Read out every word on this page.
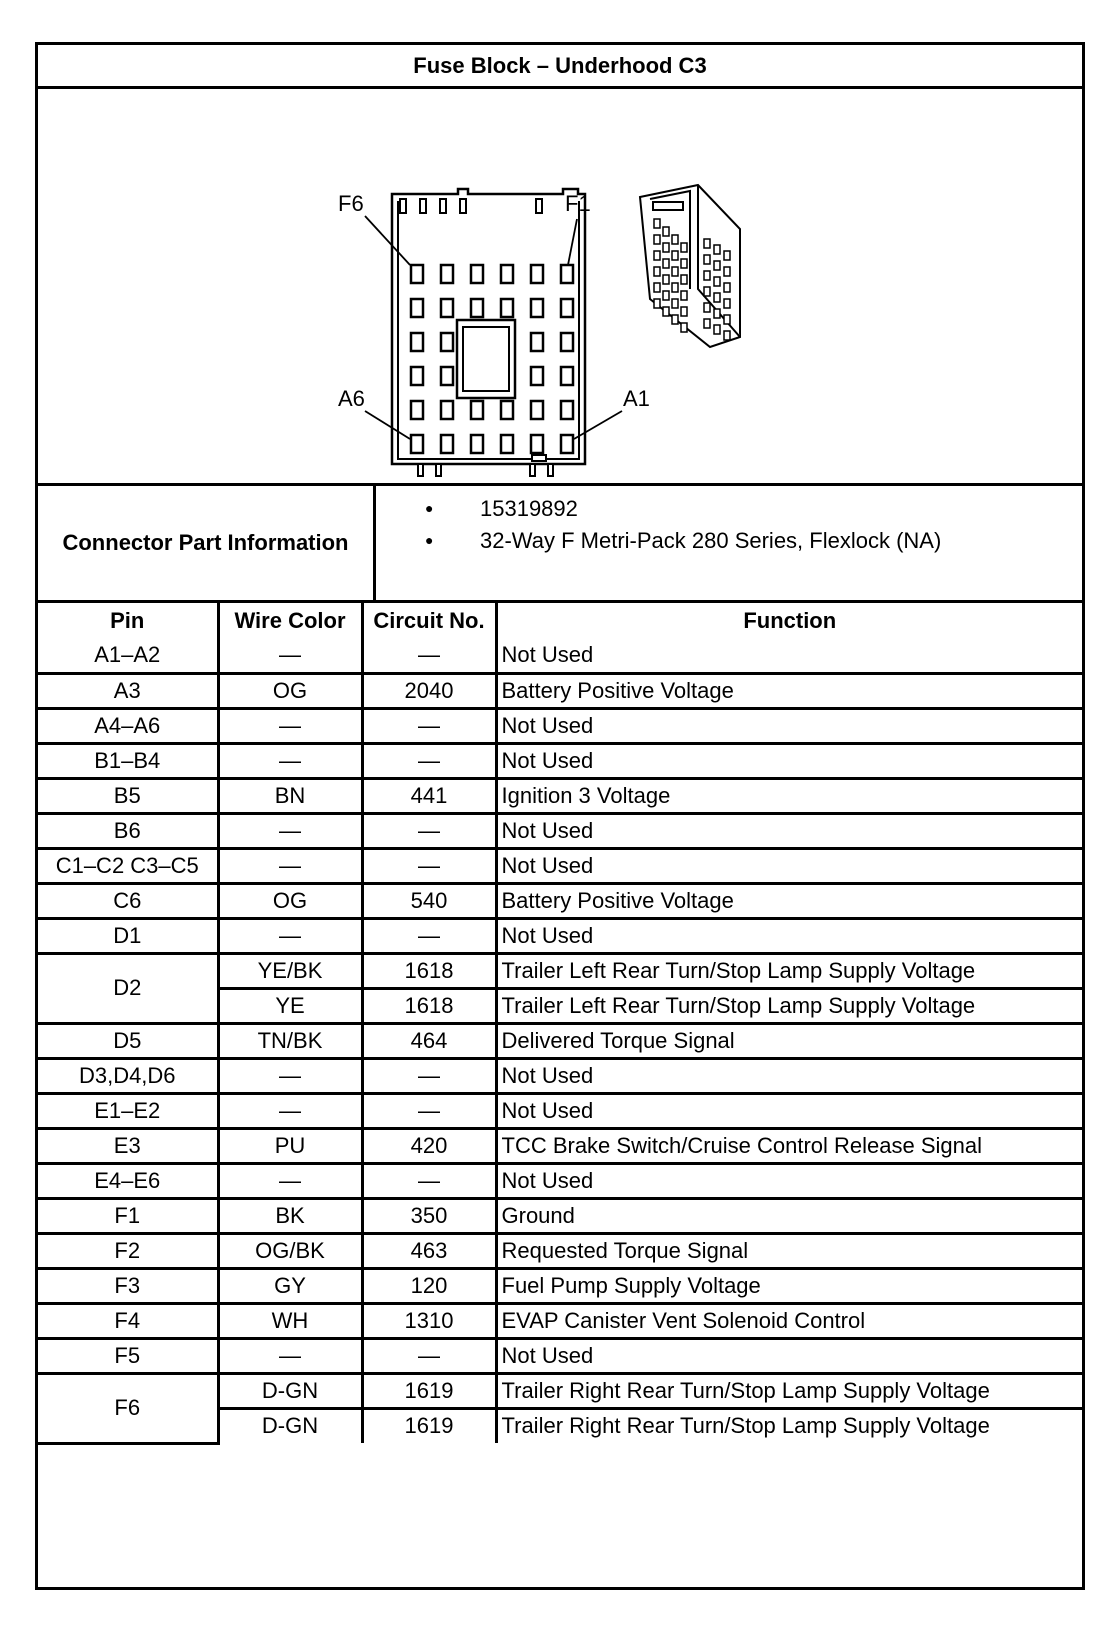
Fuse Block – Underhood C3
F6	F1
A6	A1
Connector Part Information
15319892
32-Way F Metri-Pack 280 Series, Flexlock (NA)
Pin	Wire Color	Circuit No.	Function
A1–A2	—	—	Not Used
A3	OG	2040	Battery Positive Voltage
A4–A6	—	—	Not Used
B1–B4	—	—	Not Used
B5	BN	441	Ignition 3 Voltage
B6	—	—	Not Used
C1–C2 C3–C5	—	—	Not Used
C6	OG	540	Battery Positive Voltage
D1	—	—	Not Used
D2	YE/BK	1618	Trailer Left Rear Turn/Stop Lamp Supply Voltage
	YE	1618	Trailer Left Rear Turn/Stop Lamp Supply Voltage
D5	TN/BK	464	Delivered Torque Signal
D3,D4,D6	—	—	Not Used
E1–E2	—	—	Not Used
E3	PU	420	TCC Brake Switch/Cruise Control Release Signal
E4–E6	—	—	Not Used
F1	BK	350	Ground
F2	OG/BK	463	Requested Torque Signal
F3	GY	120	Fuel Pump Supply Voltage
F4	WH	1310	EVAP Canister Vent Solenoid Control
F5	—	—	Not Used
F6	D-GN	1619	Trailer Right Rear Turn/Stop Lamp Supply Voltage
	D-GN	1619	Trailer Right Rear Turn/Stop Lamp Supply Voltage
